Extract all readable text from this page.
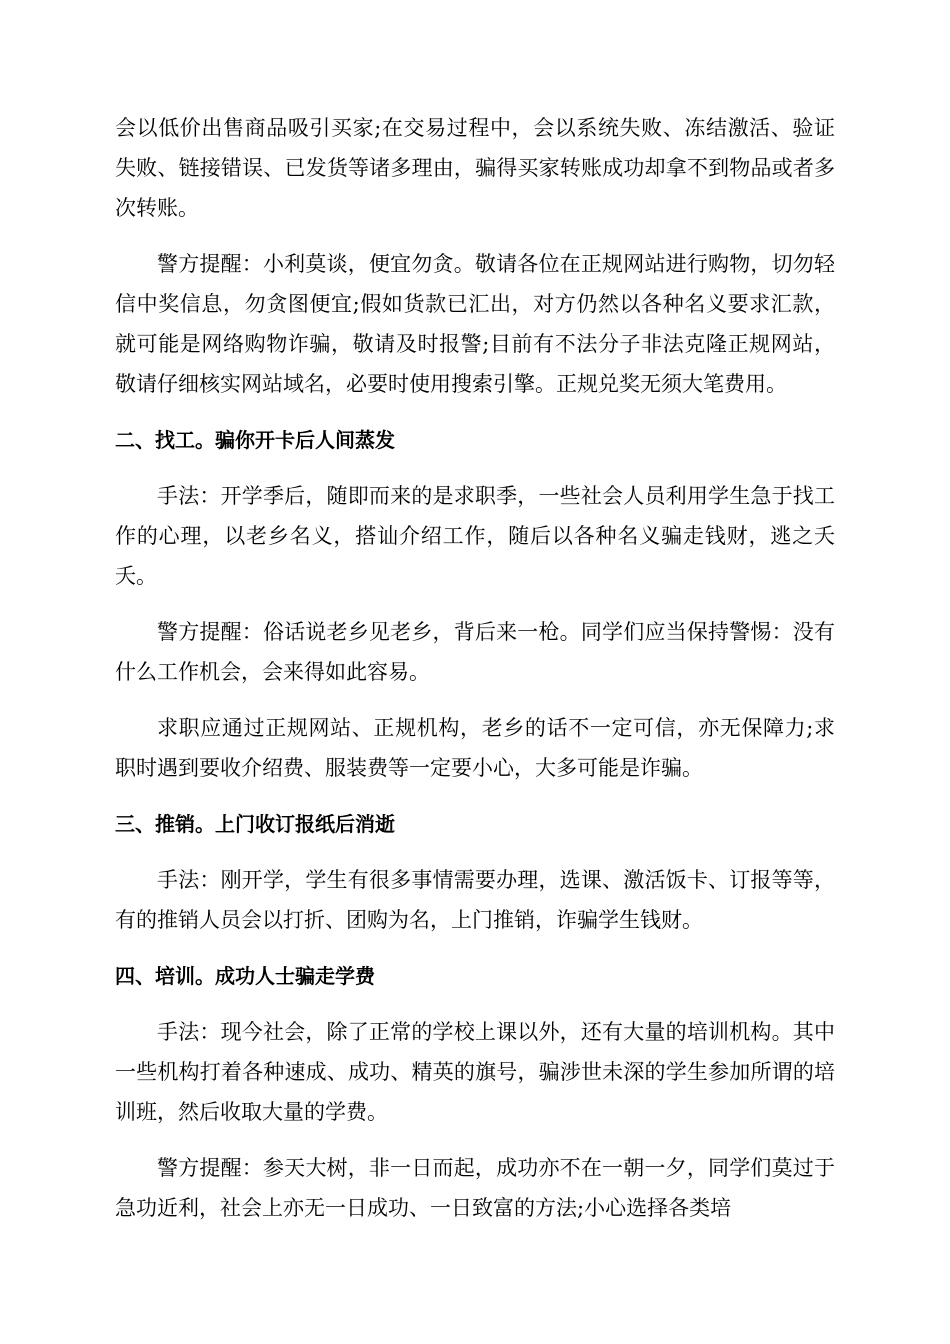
会以低价出售商品吸引买家;在交易过程中，会以系统失败、冻结激活、验证失败、链接错误、已发货等诸多理由，骗得买家转账成功却拿不到物品或者多次转账。

警方提醒：小利莫谈，便宜勿贪。敬请各位在正规网站进行购物，切勿轻信中奖信息，勿贪图便宜;假如货款已汇出，对方仍然以各种名义要求汇款，就可能是网络购物诈骗，敬请及时报警;目前有不法分子非法克隆正规网站，敬请仔细核实网站域名，必要时使用搜索引擎。正规兑奖无须大笔费用。

二、找工。骗你开卡后人间蒸发

手法：开学季后，随即而来的是求职季，一些社会人员利用学生急于找工作的心理，以老乡名义，搭讪介绍工作，随后以各种名义骗走钱财，逃之夭夭。

警方提醒：俗话说老乡见老乡，背后来一枪。同学们应当保持警惕：没有什么工作机会，会来得如此容易。

求职应通过正规网站、正规机构，老乡的话不一定可信，亦无保障力;求职时遇到要收介绍费、服装费等一定要小心，大多可能是诈骗。

三、推销。上门收订报纸后消逝

手法：刚开学，学生有很多事情需要办理，选课、激活饭卡、订报等等，有的推销人员会以打折、团购为名，上门推销，诈骗学生钱财。

四、培训。成功人士骗走学费

手法：现今社会，除了正常的学校上课以外，还有大量的培训机构。其中一些机构打着各种速成、成功、精英的旗号，骗涉世未深的学生参加所谓的培训班，然后收取大量的学费。

警方提醒：参天大树，非一日而起，成功亦不在一朝一夕，同学们莫过于急功近利，社会上亦无一日成功、一日致富的方法;小心选择各类培
